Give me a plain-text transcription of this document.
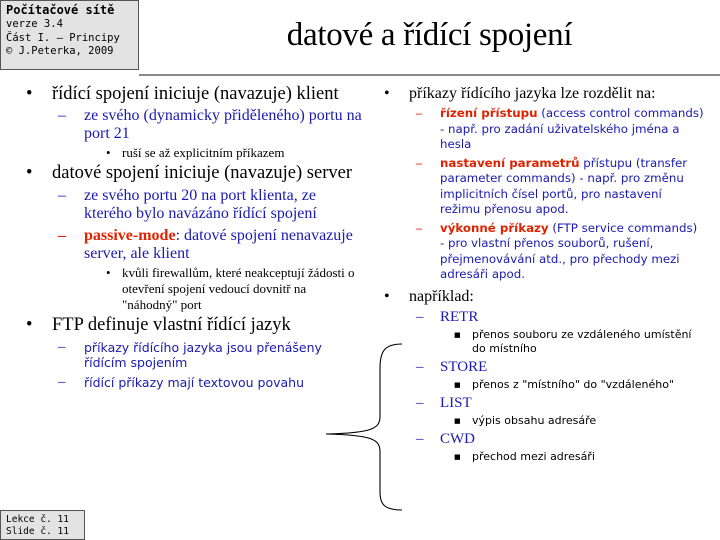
Počítačové sítě
verze 3.4
Část I. – Principy
© J.Peterka, 2009	datové a řídící spojení
• řídící spojení iniciuje (navazuje) klient
– ze svého (dynamicky přiděleného) portu na port 21
• ruší se až explicitním příkazem
• datové spojení iniciuje (navazuje) server
– ze svého portu 20 na port klienta, ze kterého bylo navázáno řídící spojení
– passive-mode: datové spojení nenavazuje server, ale klient
• kvůli firewallům, které neakceptují žádosti o otevření spojení vedoucí dovnitř na "náhodný" port
• FTP definuje vlastní řídící jazyk
– příkazy řídícího jazyka jsou přenášeny řídícím spojením
– řídící příkazy mají textovou povahu
• příkazy řídícího jazyka lze rozdělit na:
– řízení přístupu (access control commands) - např. pro zadání uživatelského jména a hesla
– nastavení parametrů přístupu (transfer parameter commands) - např. pro změnu implicitních čísel portů, pro nastavení režimu přenosu apod.
– výkonné příkazy (FTP service commands) - pro vlastní přenos souborů, rušení, přejmenovávání atd., pro přechody mezi adresáři apod.
• například:
– RETR
■ přenos souboru ze vzdáleného umístění do místního
– STORE
■ přenos z "místního" do "vzdáleného"
– LIST
■ výpis obsahu adresáře
– CWD
■ přechod mezi adresáři
Lekce č. 11
Slide č. 11
